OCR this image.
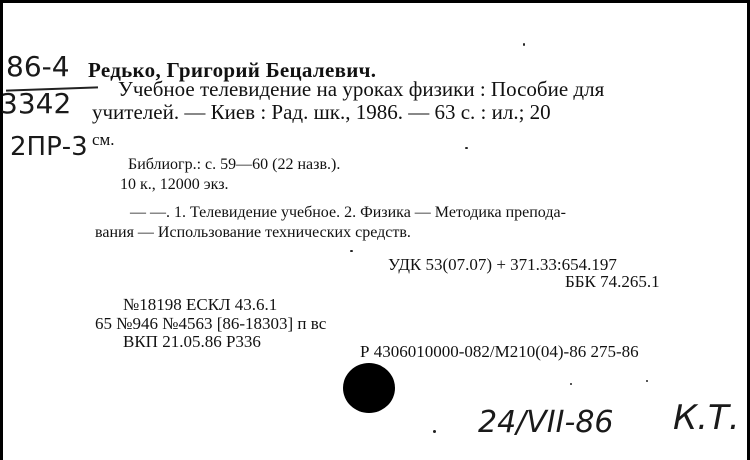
86-4
3342
2ПР-3
Редько, Григорий Бецалевич.
Учебное телевидение на уроках физики : Пособие для
учителей. — Киев : Рад. шк., 1986. — 63 с. : ил.; 20
см.
Библиогр.: с. 59—60 (22 назв.).
10 к., 12000 экз.
— —. 1. Телевидение учебное. 2. Физика — Методика преподa-
вания — Использование технических средств.
УДК 53(07.07) + 371.33:654.197
ББК 74.265.1
№18198 ЕСКЛ 43.6.1
65 №946 №4563 [86-18303] п вс
ВКП 21.05.86 Р336
Р 4306010000-082/М210(04)-86 275-86
24/VII-86 К.Т.
